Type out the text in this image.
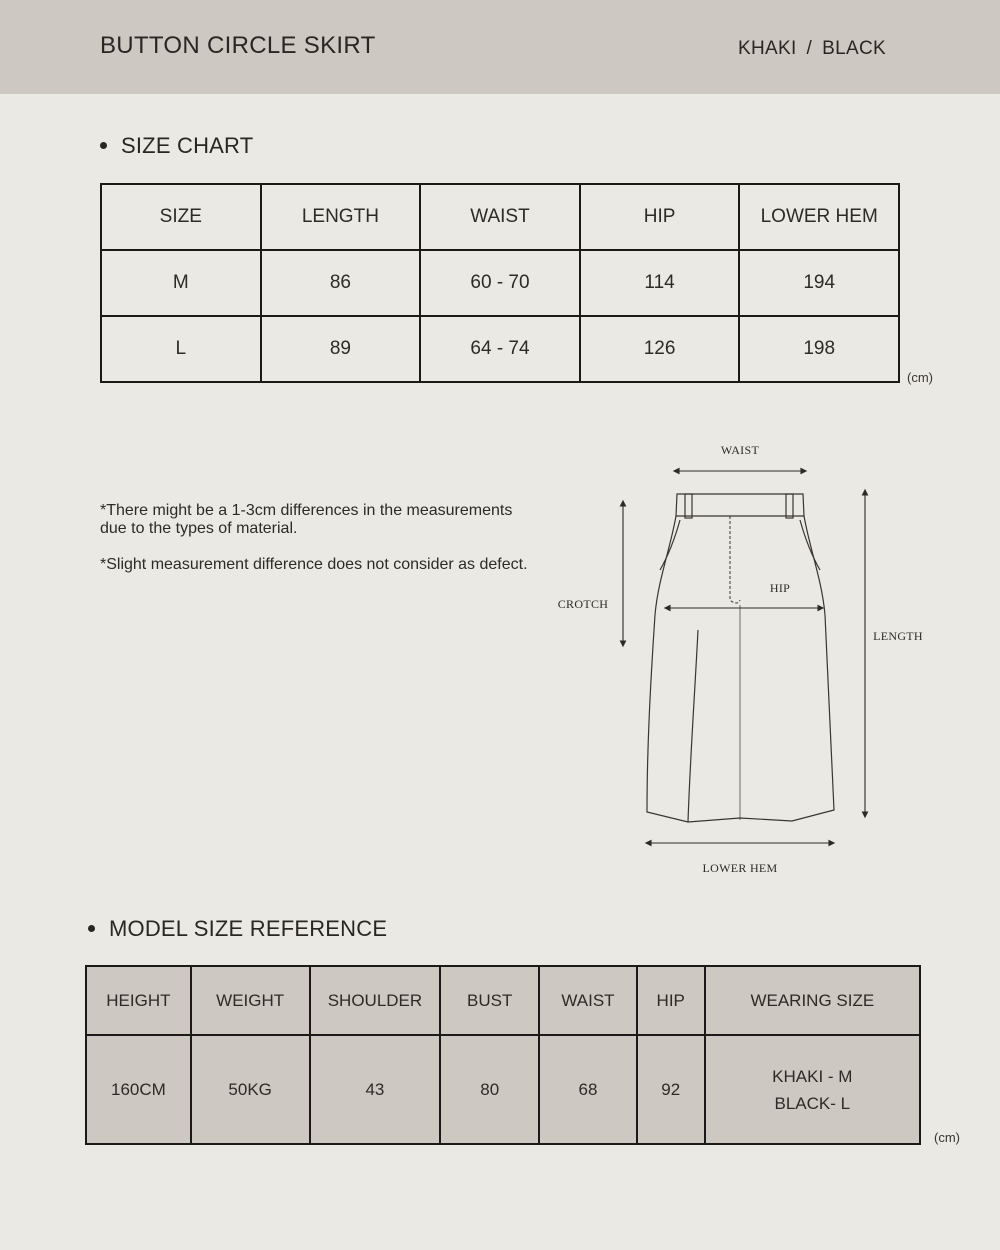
BUTTON CIRCLE SKIRT	KHAKI / BLACK
SIZE CHART
SIZE	LENGTH	WAIST	HIP	LOWER HEM
M	86	60 - 70	114	194
L	89	64 - 74	126	198
(cm)

*There might be a 1-3cm differences in the measurements due to the types of material.

*Slight measurement difference does not consider as defect.

WAIST
HIP
CROTCH
LENGTH
LOWER HEM
MODEL SIZE REFERENCE
HEIGHT	WEIGHT	SHOULDER	BUST	WAIST	HIP	WEARING SIZE
160CM	50KG	43	80	68	92	KHAKI - M
BLACK- L
(cm)
